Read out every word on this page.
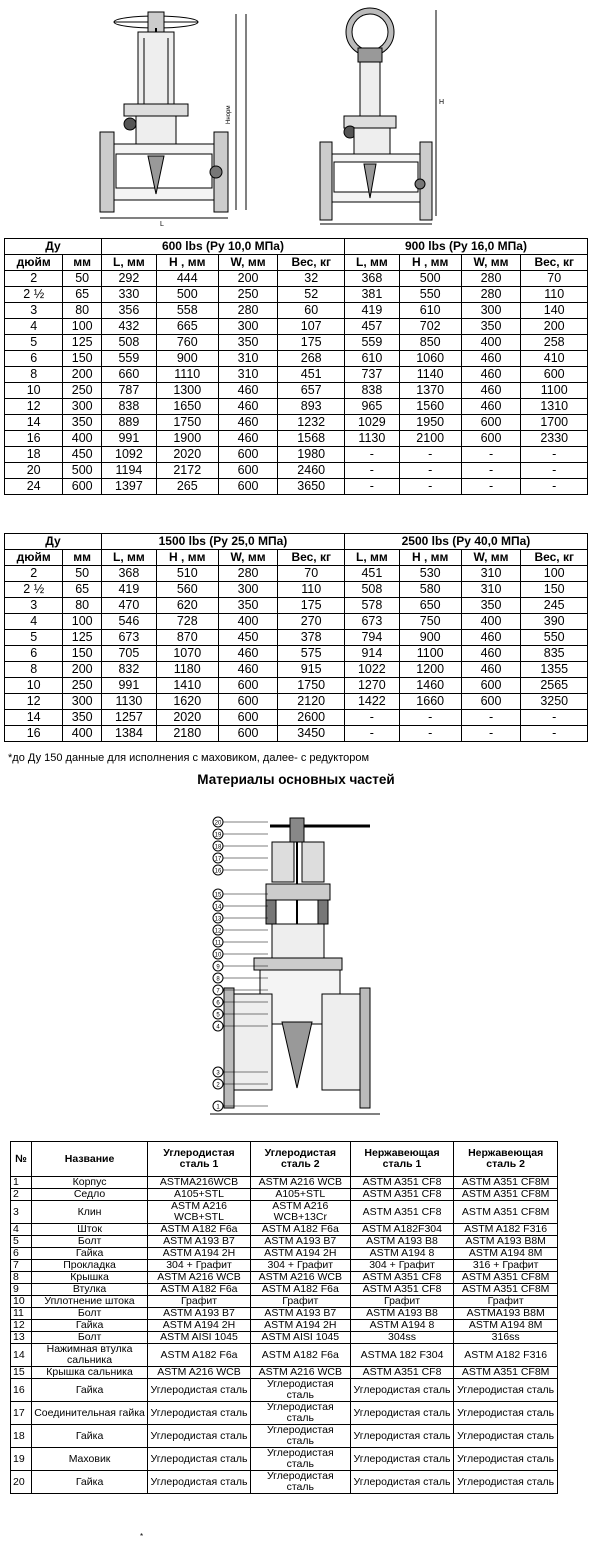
Hнорм
L
H
Ду		600 lbs (Ру 10,0 МПа)				900 lbs (Ру 16,0 МПа)			
дюйм	мм	L, мм	H , мм	W, мм	Вес, кг	L, мм	H , мм	W, мм	Вес, кг
2	50	292	444	200	32	368	500	280	70
2 ½	65	330	500	250	52	381	550	280	110
3	80	356	558	280	60	419	610	300	140
4	100	432	665	300	107	457	702	350	200
5	125	508	760	350	175	559	850	400	258
6	150	559	900	310	268	610	1060	460	410
8	200	660	1110	310	451	737	1140	460	600
10	250	787	1300	460	657	838	1370	460	1100
12	300	838	1650	460	893	965	1560	460	1310
14	350	889	1750	460	1232	1029	1950	600	1700
16	400	991	1900	460	1568	1130	2100	600	2330
18	450	1092	2020	600	1980	-	-	-	-
20	500	1194	2172	600	2460	-	-	-	-
24	600	1397	265	600	3650	-	-	-	-
Ду		1500 lbs (Ру 25,0 МПа)				2500 lbs (Ру 40,0 МПа)			
дюйм	мм	L, мм	H , мм	W, мм	Вес, кг	L, мм	H , мм	W, мм	Вес, кг
2	50	368	510	280	70	451	530	310	100
2 ½	65	419	560	300	110	508	580	310	150
3	80	470	620	350	175	578	650	350	245
4	100	546	728	400	270	673	750	400	390
5	125	673	870	450	378	794	900	460	550
6	150	705	1070	460	575	914	1100	460	835
8	200	832	1180	460	915	1022	1200	460	1355
10	250	991	1410	600	1750	1270	1460	600	2565
12	300	1130	1620	600	2120	1422	1660	600	3250
14	350	1257	2020	600	2600	-	-	-	-
16	400	1384	2180	600	3450	-	-	-	-
*до Ду 150 данные для исполнения с маховиком, далее- с редуктором
Материалы основных частей
20
19
18
17
16
15
14
13
12
11
10
9
8
7
6
5
4
3
2
1
№	Название	Углеродистая сталь 1	Углеродистая сталь 2	Нержавеющая сталь 1	Нержавеющая сталь 2
1	Корпус	ASTMA216WCB	ASTM A216 WCB	ASTM A351 CF8	ASTM A351 CF8M
2	Седло	A105+STL	A105+STL	ASTM A351 CF8	ASTM A351 CF8M
3	Клин	ASTM A216 WCB+STL	ASTM A216 WCB+13Cr	ASTM A351 CF8	ASTM A351 CF8M
4	Шток	ASTM A182 F6a	ASTM A182 F6a	ASTM A182F304	ASTM A182 F316
5	Болт	ASTM A193 B7	ASTM A193 B7	ASTM A193 B8	ASTM A193 B8M
6	Гайка	ASTM A194 2H	ASTM A194 2H	ASTM A194 8	ASTM A194 8M
7	Прокладка	304 + Графит	304 + Графит	304 + Графит	316 + Графит
8	Крышка	ASTM A216 WCB	ASTM A216 WCB	ASTM A351 CF8	ASTM A351 CF8M
9	Втулка	ASTM A182 F6a	ASTM A182 F6a	ASTM A351 CF8	ASTM A351 CF8M
10	Уплотнение штока	Графит	Графит	Графит	Графит
11	Болт	ASTM A193 B7	ASTM A193 B7	ASTM A193 B8	ASTMA193 B8M
12	Гайка	ASTM A194 2H	ASTM A194 2H	ASTM A194 8	ASTM A194 8M
13	Болт	ASTM AISI 1045	ASTM AISI 1045	304ss	316ss
14	Нажимная втулка сальника	ASTM A182 F6a	ASTM A182 F6a	ASTMA 182 F304	ASTM A182 F316
15	Крышка сальника	ASTM A216 WCB	ASTM A216 WCB	ASTM A351 CF8	ASTM A351 CF8M
16	Гайка	Углеродистая сталь	Углеродистая сталь	Углеродистая сталь	Углеродистая сталь
17	Соединительная гайка	Углеродистая сталь	Углеродистая сталь	Углеродистая сталь	Углеродистая сталь
18	Гайка	Углеродистая сталь	Углеродистая сталь	Углеродистая сталь	Углеродистая сталь
19	Маховик	Углеродистая сталь	Углеродистая сталь	Углеродистая сталь	Углеродистая сталь
20	Гайка	Углеродистая сталь	Углеродистая сталь	Углеродистая сталь	Углеродистая сталь
*
